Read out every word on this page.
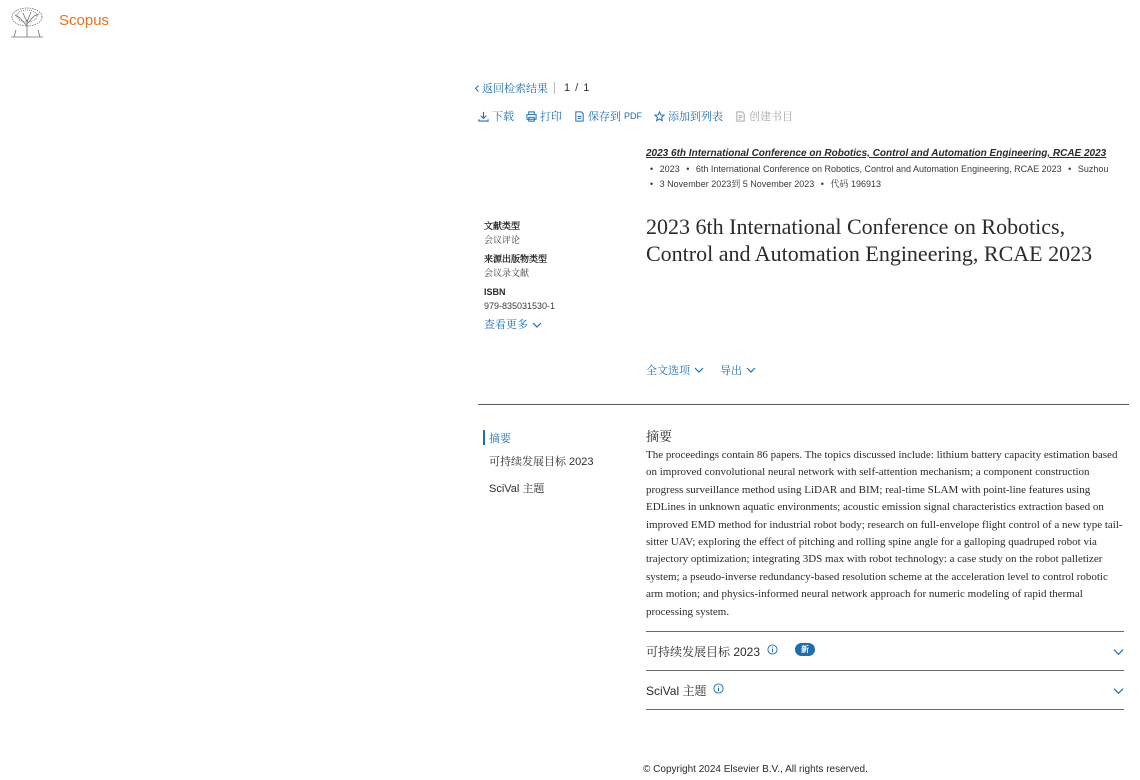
Scopus
返回检索结果 1 / 1
下载 打印 保存到 PDF 添加到列表 创建书目
2023 6th International Conference on Robotics, Control and Automation Engineering, RCAE 2023 • 2023 • 6th International Conference on Robotics, Control and Automation Engineering, RCAE 2023 • Suzhou • 3 November 2023到 5 November 2023 • 代码 196913
文献类型
会议评论
来源出版物类型
会议录文献
ISBN
979-835031530-1
查看更多
2023 6th International Conference on Robotics, Control and Automation Engineering, RCAE 2023
全文选项	导出
摘要
可持续发展目标 2023
SciVal 主题
摘要

The proceedings contain 86 papers. The topics discussed include: lithium battery capacity estimation based on improved convolutional neural network with self-attention mechanism; a component construction progress surveillance method using LiDAR and BIM; real-time SLAM with point-line features using EDLines in unknown aquatic environments; acoustic emission signal characteristics extraction based on improved EMD method for industrial robot body; research on full-envelope flight control of a new type tail-sitter UAV; exploring the effect of pitching and rolling spine angle for a galloping quadruped robot via trajectory optimization; integrating 3DS max with robot technology: a case study on the robot palletizer system; a pseudo-inverse redundancy-based resolution scheme at the acceleration level to control robotic arm motion; and physics-informed neural network approach for numeric modeling of rapid thermal processing system.

可持续发展目标 2023	新
SciVal 主题
© Copyright 2024 Elsevier B.V., All rights reserved.
